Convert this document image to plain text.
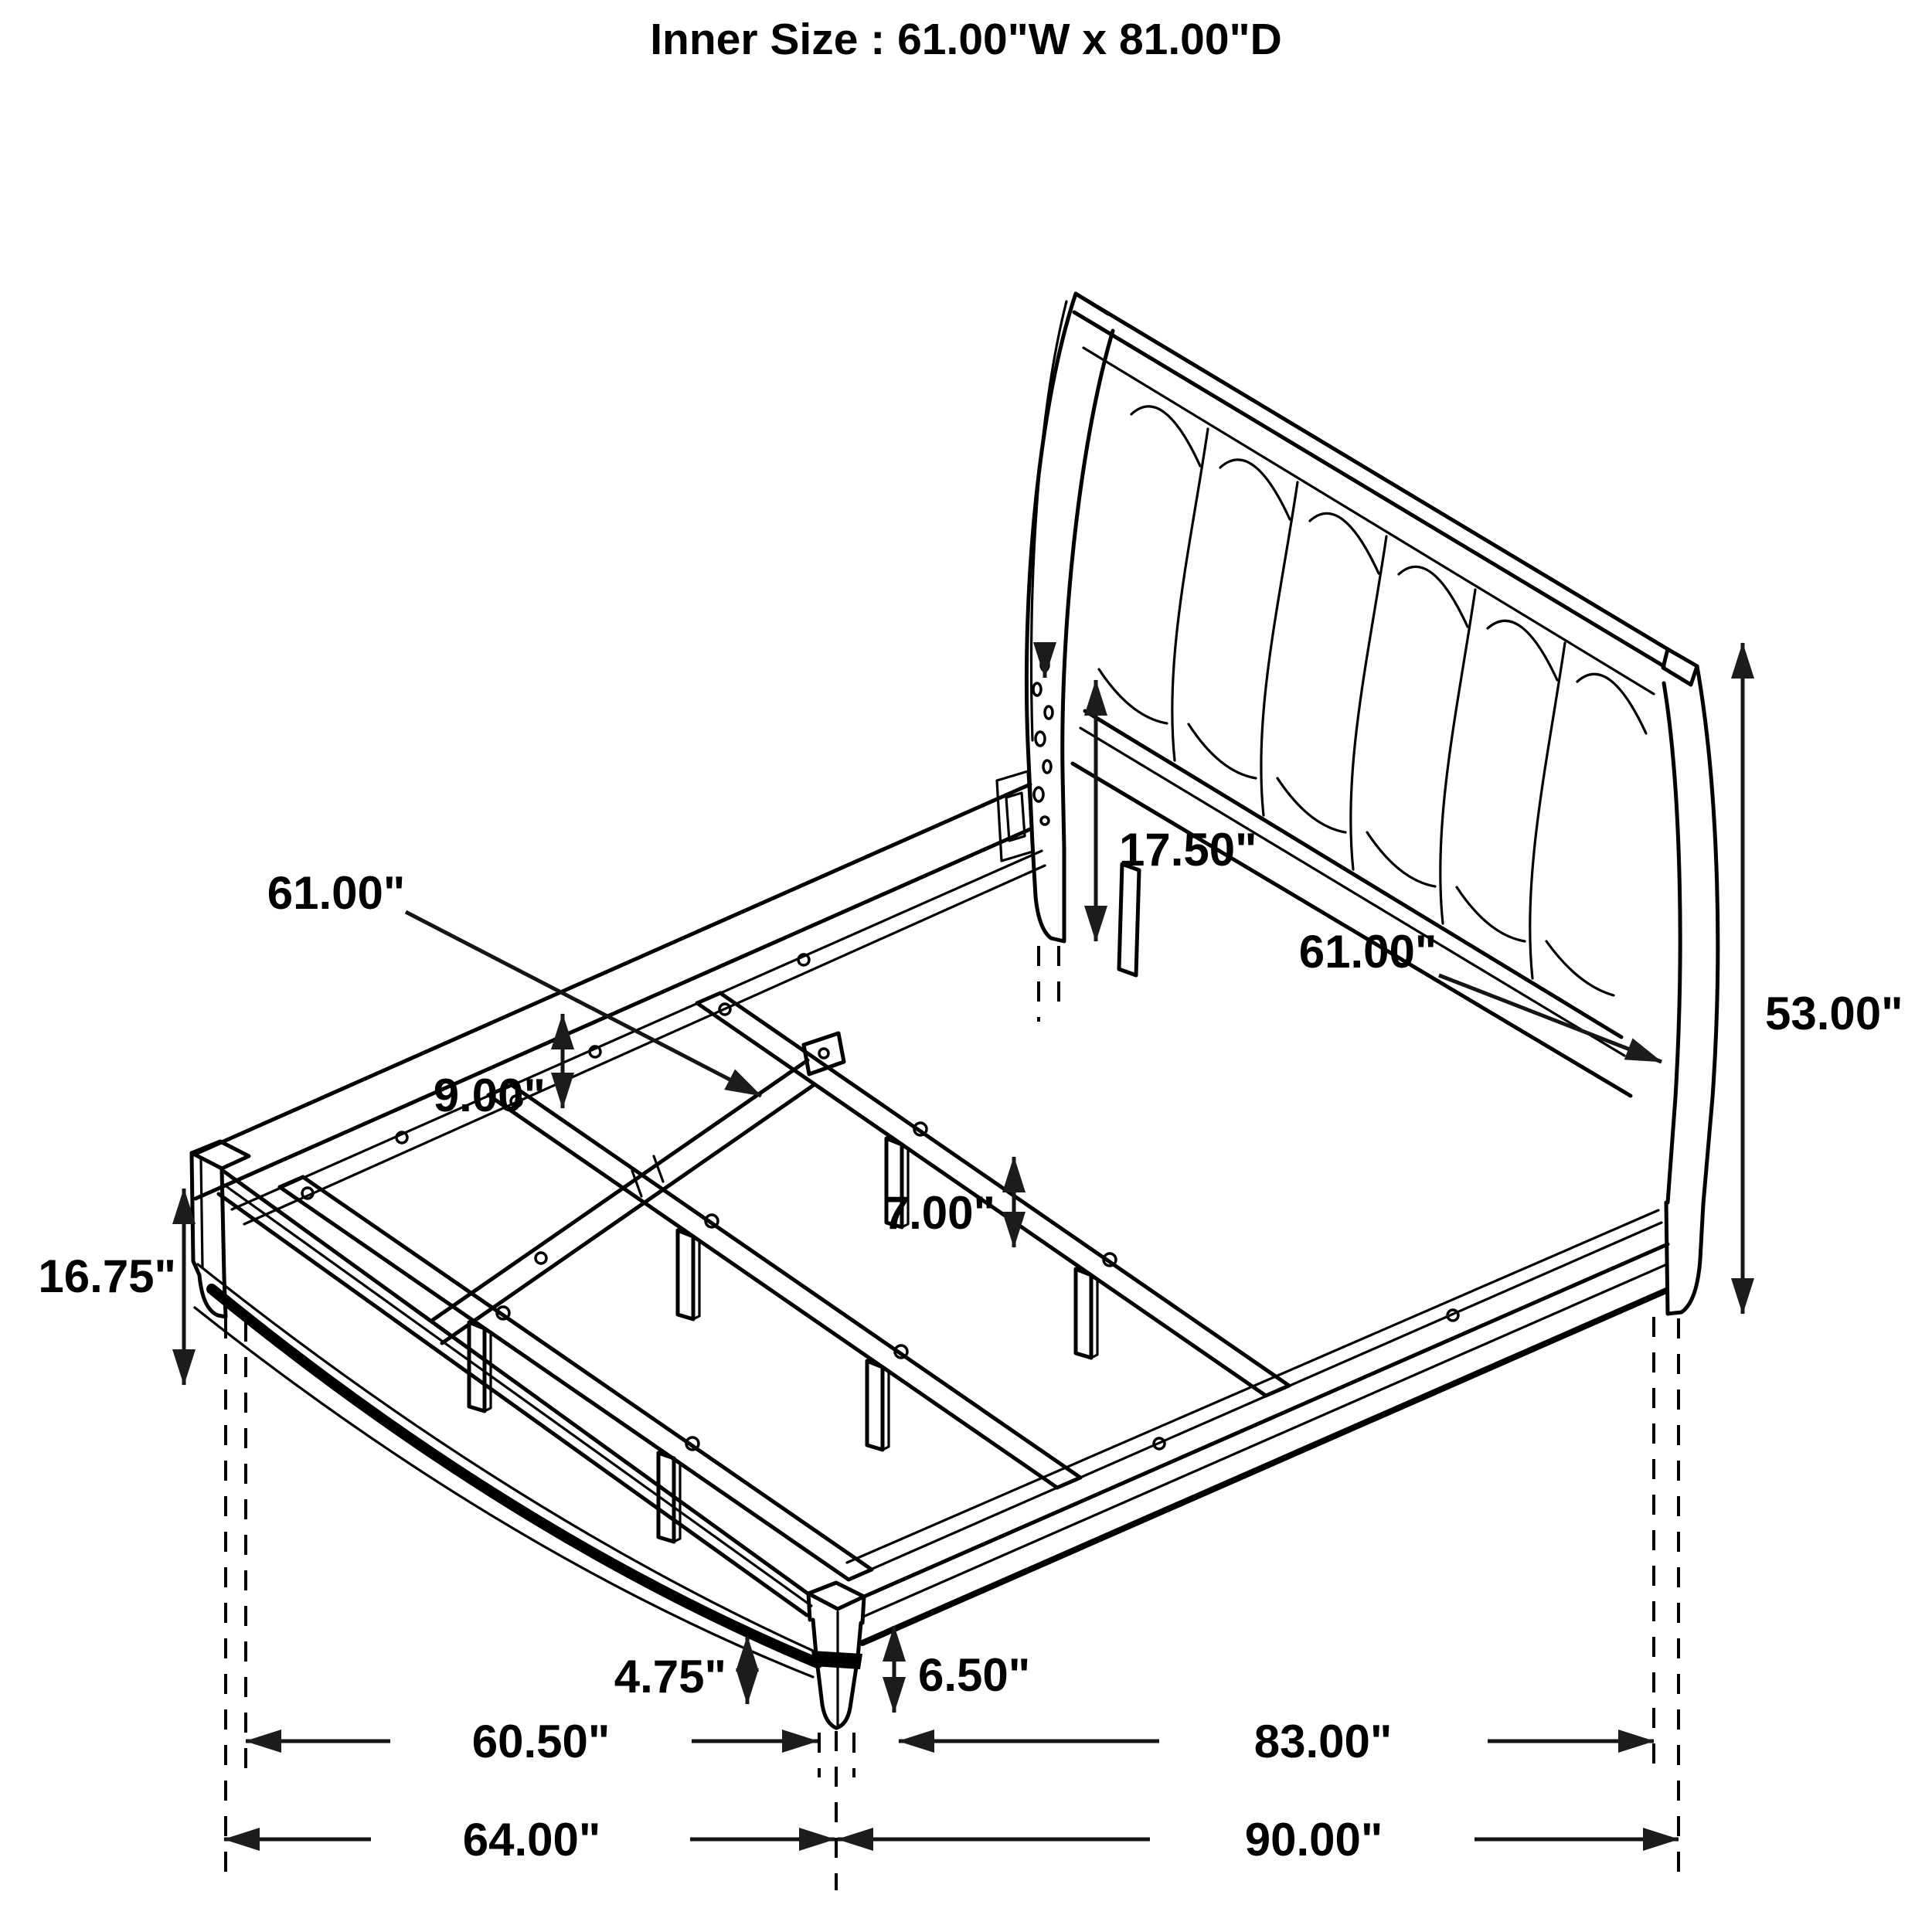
Inner Size : 61.00"W x 81.00"D
61.00"
61.00"
17.50"
53.00"
9.00"
7.00"
16.75"
4.75"	6.50"
60.50"	83.00"
64.00"	90.00"
